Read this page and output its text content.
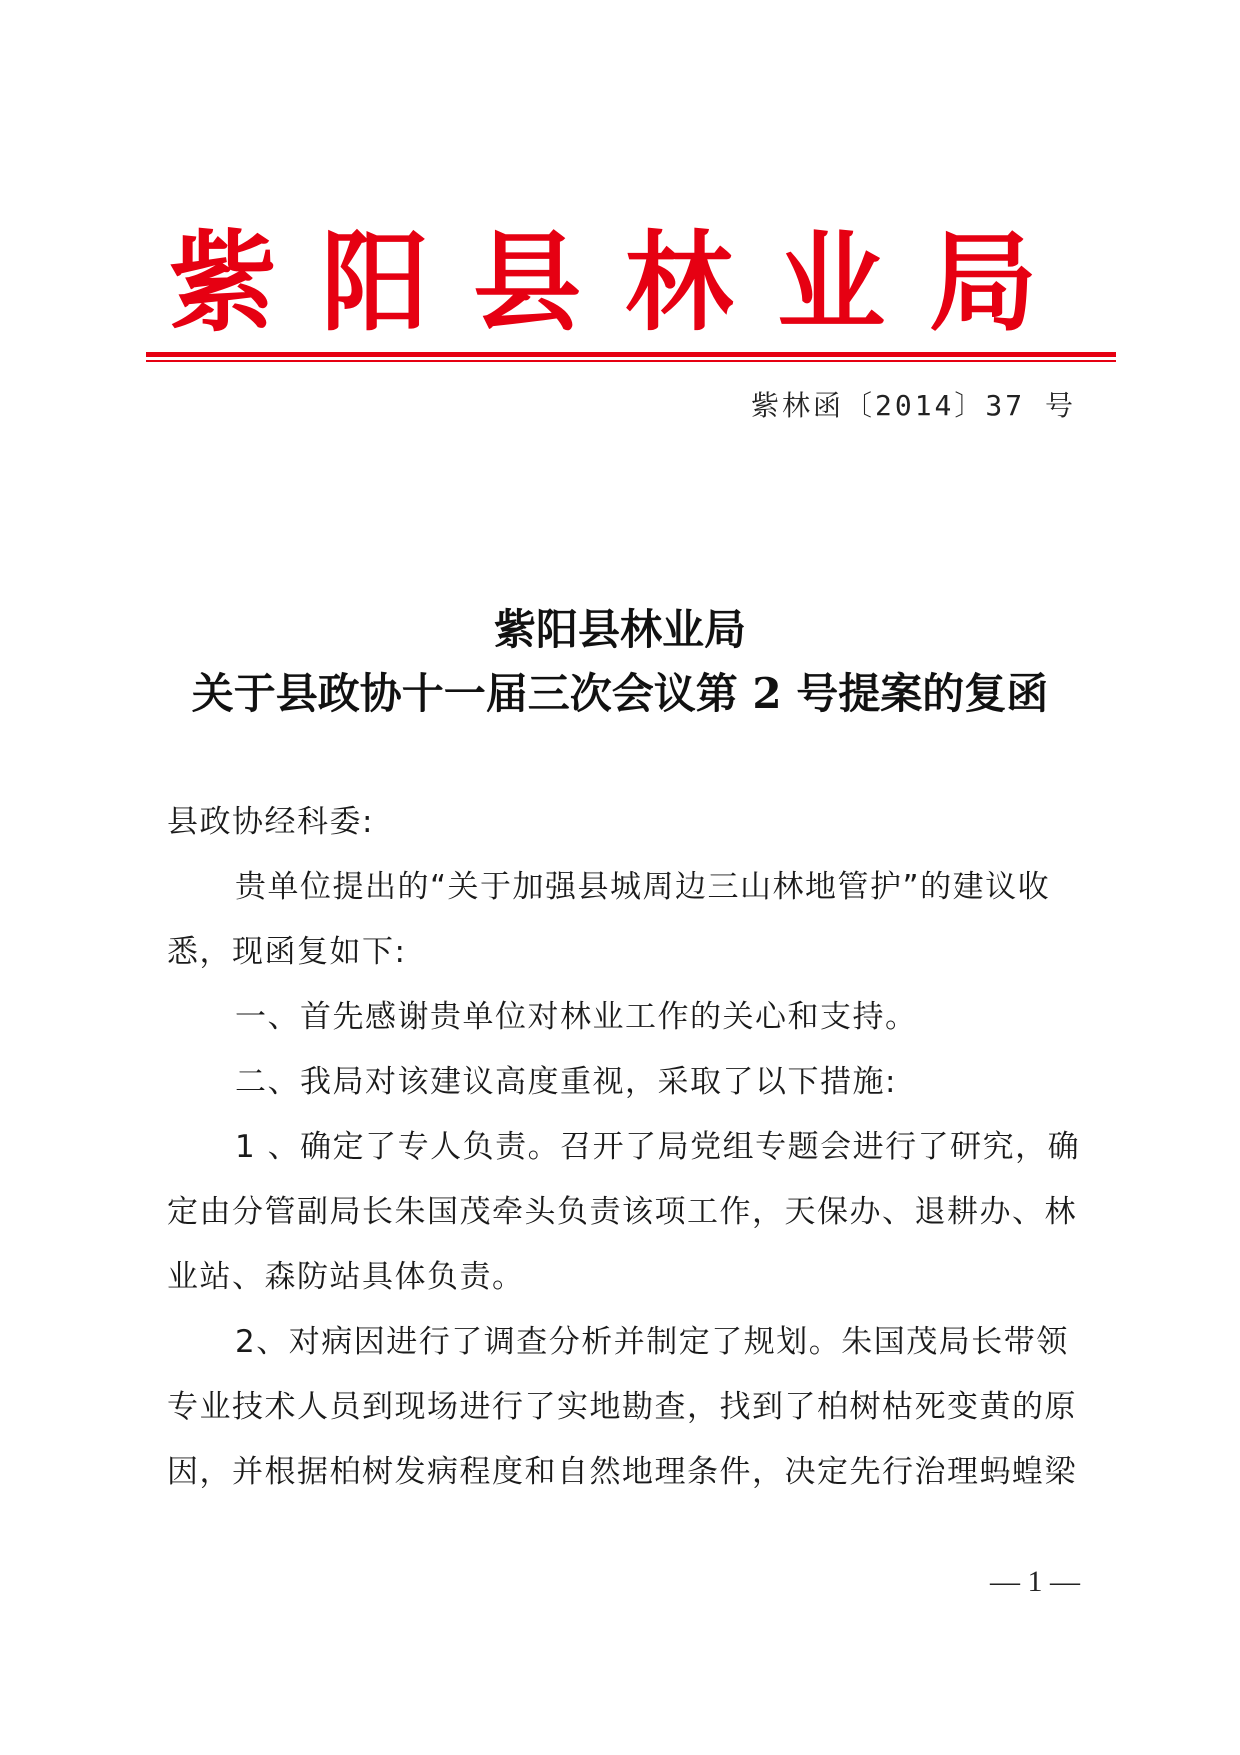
紫阳县林业局

紫林函〔2014〕37 号

紫阳县林业局
关于县政协十一届三次会议第 2 号提案的复函

县政协经科委:

贵单位提出的“关于加强县城周边三山林地管护”的建议收
悉，现函复如下:

一、首先感谢贵单位对林业工作的关心和支持。

二、我局对该建议高度重视，采取了以下措施:

1 、确定了专人负责。召开了局党组专题会进行了研究，确
定由分管副局长朱国茂牵头负责该项工作，天保办、退耕办、林
业站、森防站具体负责。

2、对病因进行了调查分析并制定了规划。朱国茂局长带领
专业技术人员到现场进行了实地勘查，找到了柏树枯死变黄的原
因，并根据柏树发病程度和自然地理条件，决定先行治理蚂蝗梁

— 1 —
